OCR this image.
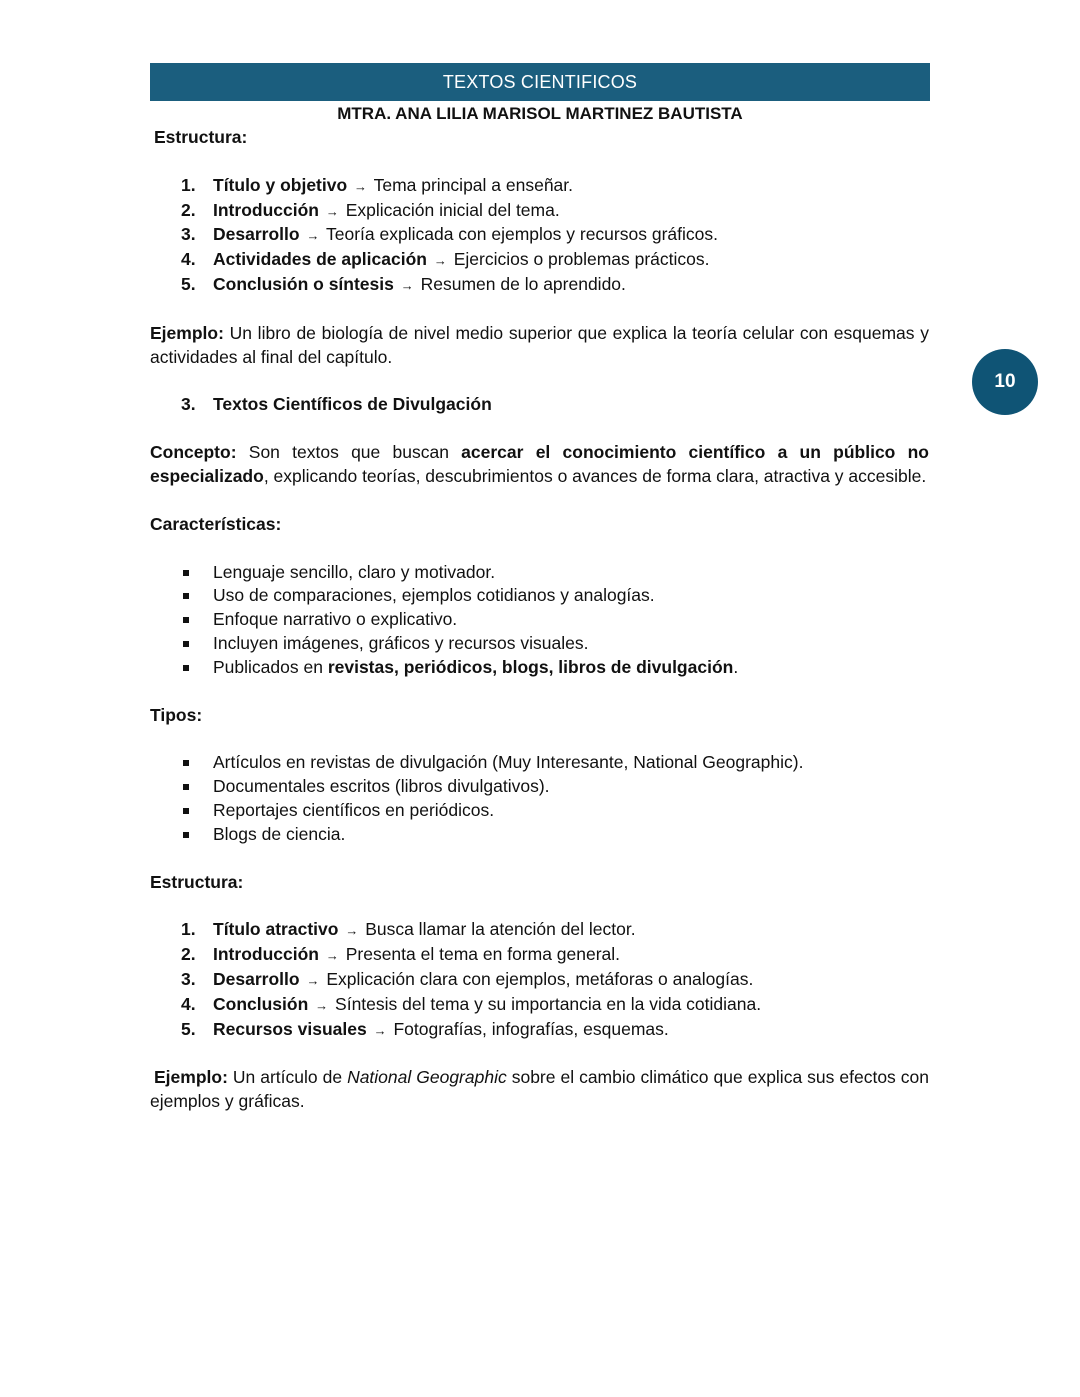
TEXTOS CIENTIFICOS
MTRA. ANA LILIA MARISOL MARTINEZ BAUTISTA
10

Estructura:

1. Título y objetivo → Tema principal a enseñar.
2. Introducción → Explicación inicial del tema.
3. Desarrollo → Teoría explicada con ejemplos y recursos gráficos.
4. Actividades de aplicación → Ejercicios o problemas prácticos.
5. Conclusión o síntesis → Resumen de lo aprendido.

Ejemplo: Un libro de biología de nivel medio superior que explica la teoría celular con esquemas y actividades al final del capítulo.

3. Textos Científicos de Divulgación

Concepto: Son textos que buscan acercar el conocimiento científico a un público no especializado, explicando teorías, descubrimientos o avances de forma clara, atractiva y accesible.

Características:

Lenguaje sencillo, claro y motivador.
Uso de comparaciones, ejemplos cotidianos y analogías.
Enfoque narrativo o explicativo.
Incluyen imágenes, gráficos y recursos visuales.
Publicados en revistas, periódicos, blogs, libros de divulgación.

Tipos:

Artículos en revistas de divulgación (Muy Interesante, National Geographic).
Documentales escritos (libros divulgativos).
Reportajes científicos en periódicos.
Blogs de ciencia.

Estructura:

1. Título atractivo → Busca llamar la atención del lector.
2. Introducción → Presenta el tema en forma general.
3. Desarrollo → Explicación clara con ejemplos, metáforas o analogías.
4. Conclusión → Síntesis del tema y su importancia en la vida cotidiana.
5. Recursos visuales → Fotografías, infografías, esquemas.

Ejemplo: Un artículo de National Geographic sobre el cambio climático que explica sus efectos con ejemplos y gráficas.
